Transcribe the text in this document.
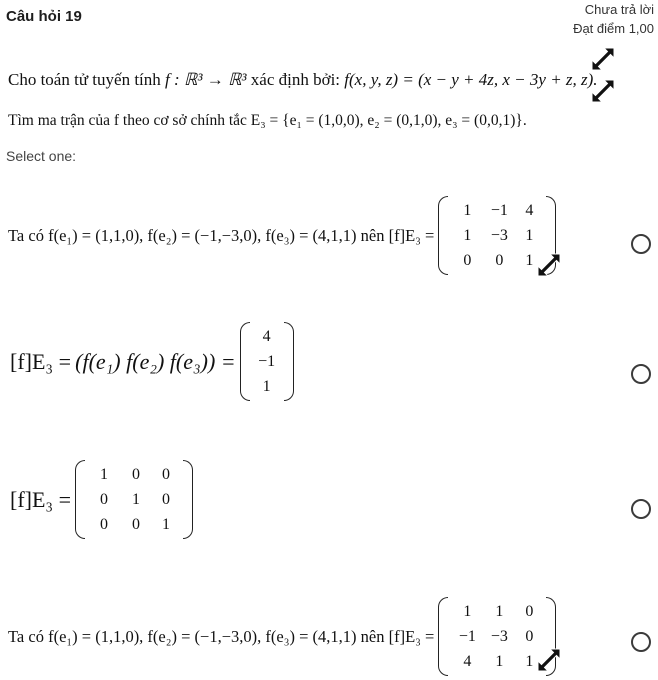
Câu hỏi 19	Chưa trả lời
Đạt điểm 1,00
Cho toán tử tuyến tính f : ℝ³ → ℝ³ xác định bởi: f(x, y, z) = (x − y + 4z, x − 3y + z, z).
Tìm ma trận của f theo cơ sở chính tắc E₃ = {e₁ = (1,0,0), e₂ = (0,1,0), e₃ = (0,0,1)}.
Select one:
Ta có
f(e₁) = (1,1,0), f(e₂) = (−1,−3,0), f(e₃) = (4,1,1)
nên [f]E₃ =
1	−1	4
1	−3	1
0	0	1
[f]E₃ =
(f(e₁) f(e₂) f(e₃)) =
4
−1
1
[f]E₃ =
1	0	0
0	1	0
0	0	1
Ta có
f(e₁) = (1,1,0), f(e₂) = (−1,−3,0), f(e₃) = (4,1,1)
nên [f]E₃ =
1	1	0
−1 −3	0
4	1	1
